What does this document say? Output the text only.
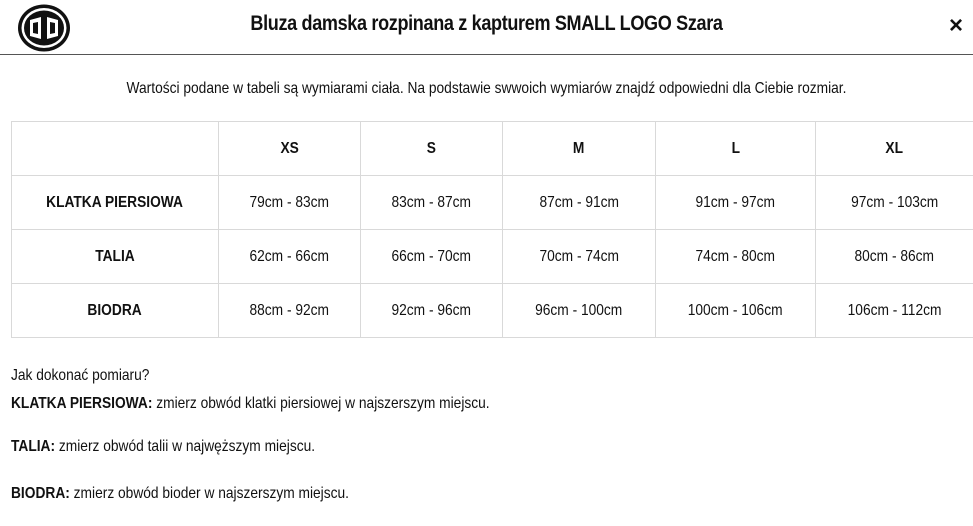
Bluza damska rozpinana z kapturem SMALL LOGO Szara	×
Wartości podane w tabeli są wymiarami ciała. Na podstawie swwoich wymiarów znajdź odpowiedni dla Ciebie rozmiar.
	XS	S	M	L	XL
KLATKA PIERSIOWA	79cm - 83cm	83cm - 87cm	87cm - 91cm	91cm - 97cm	97cm - 103cm
TALIA	62cm - 66cm	66cm - 70cm	70cm - 74cm	74cm - 80cm	80cm - 86cm
BIODRA	88cm - 92cm	92cm - 96cm	96cm - 100cm	100cm - 106cm	106cm - 112cm
Jak dokonać pomiaru?
KLATKA PIERSIOWA: zmierz obwód klatki piersiowej w najszerszym miejscu.
TALIA: zmierz obwód talii w najwęższym miejscu.
BIODRA: zmierz obwód bioder w najszerszym miejscu.
